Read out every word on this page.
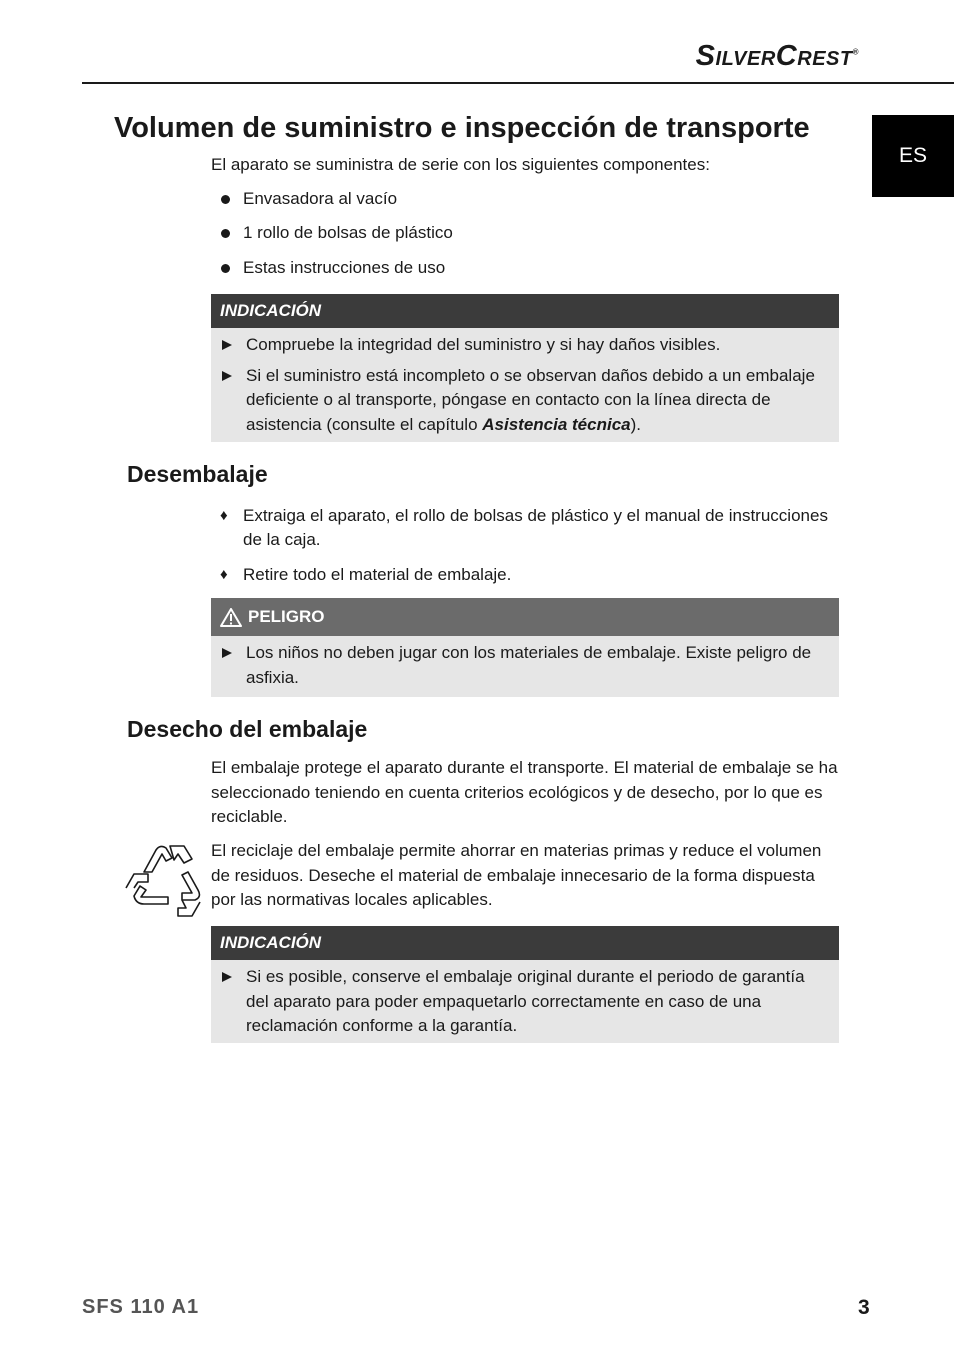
SilverCrest®
ES
Volumen de suministro e inspección de transporte
El aparato se suministra de serie con los siguientes componentes:
Envasadora al vacío
1 rollo de bolsas de plástico
Estas instrucciones de uso
INDICACIÓN
Compruebe la integridad del suministro y si hay daños visibles.
Si el suministro está incompleto o se observan daños debido a un embalaje deficiente o al transporte, póngase en contacto con la línea directa de asistencia (consulte el capítulo Asistencia técnica).
Desembalaje
♦ Extraiga el aparato, el rollo de bolsas de plástico y el manual de instrucciones de la caja.
♦ Retire todo el material de embalaje.
PELIGRO
Los niños no deben jugar con los materiales de embalaje. Existe peligro de asfixia.
Desecho del embalaje
El embalaje protege el aparato durante el transporte. El material de embalaje se ha seleccionado teniendo en cuenta criterios ecológicos y de desecho, por lo que es reciclable.
El reciclaje del embalaje permite ahorrar en materias primas y reduce el volumen de residuos. Deseche el material de embalaje innecesario de la forma dispuesta por las normativas locales aplicables.
INDICACIÓN
Si es posible, conserve el embalaje original durante el periodo de garantía del aparato para poder empaquetarlo correctamente en caso de una reclamación conforme a la garantía.
SFS 110 A1	3
